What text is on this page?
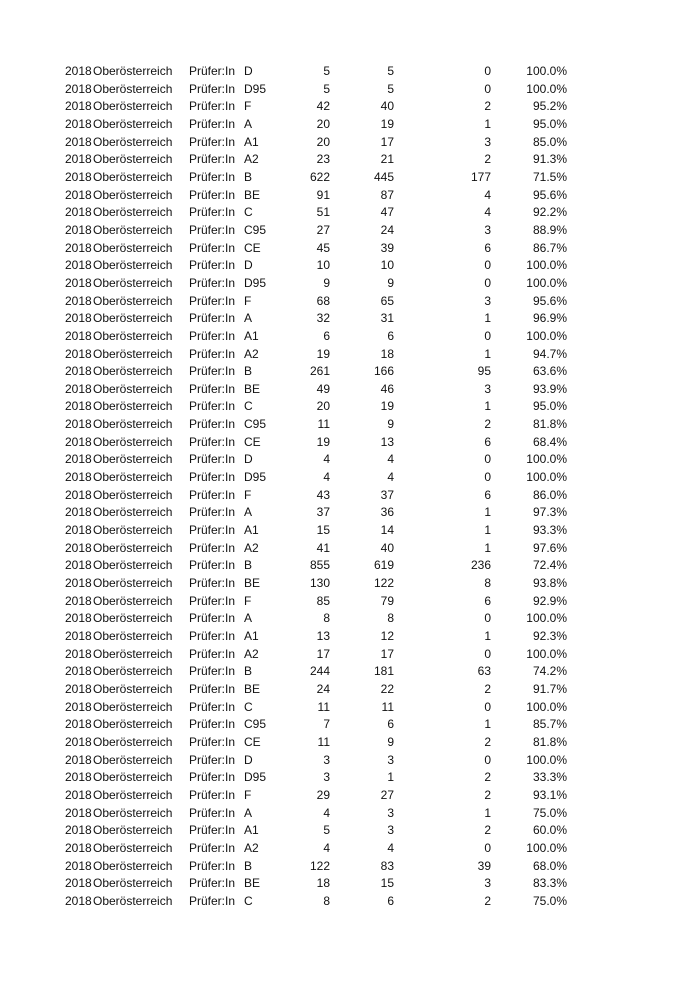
2018 Oberösterreich Prüfer:In D	5	5	0	100.0%
2018 Oberösterreich Prüfer:In D95	5	5	0	100.0%
2018 Oberösterreich Prüfer:In F	42	40	2	95.2%
2018 Oberösterreich Prüfer:In A	20	19	1	95.0%
2018 Oberösterreich Prüfer:In A1	20	17	3	85.0%
2018 Oberösterreich Prüfer:In A2	23	21	2	91.3%
2018 Oberösterreich Prüfer:In B	622	445	177	71.5%
2018 Oberösterreich Prüfer:In BE	91	87	4	95.6%
2018 Oberösterreich Prüfer:In C	51	47	4	92.2%
2018 Oberösterreich Prüfer:In C95	27	24	3	88.9%
2018 Oberösterreich Prüfer:In CE	45	39	6	86.7%
2018 Oberösterreich Prüfer:In D	10	10	0	100.0%
2018 Oberösterreich Prüfer:In D95	9	9	0	100.0%
2018 Oberösterreich Prüfer:In F	68	65	3	95.6%
2018 Oberösterreich Prüfer:In A	32	31	1	96.9%
2018 Oberösterreich Prüfer:In A1	6	6	0	100.0%
2018 Oberösterreich Prüfer:In A2	19	18	1	94.7%
2018 Oberösterreich Prüfer:In B	261	166	95	63.6%
2018 Oberösterreich Prüfer:In BE	49	46	3	93.9%
2018 Oberösterreich Prüfer:In C	20	19	1	95.0%
2018 Oberösterreich Prüfer:In C95	11	9	2	81.8%
2018 Oberösterreich Prüfer:In CE	19	13	6	68.4%
2018 Oberösterreich Prüfer:In D	4	4	0	100.0%
2018 Oberösterreich Prüfer:In D95	4	4	0	100.0%
2018 Oberösterreich Prüfer:In F	43	37	6	86.0%
2018 Oberösterreich Prüfer:In A	37	36	1	97.3%
2018 Oberösterreich Prüfer:In A1	15	14	1	93.3%
2018 Oberösterreich Prüfer:In A2	41	40	1	97.6%
2018 Oberösterreich Prüfer:In B	855	619	236	72.4%
2018 Oberösterreich Prüfer:In BE	130	122	8	93.8%
2018 Oberösterreich Prüfer:In F	85	79	6	92.9%
2018 Oberösterreich Prüfer:In A	8	8	0	100.0%
2018 Oberösterreich Prüfer:In A1	13	12	1	92.3%
2018 Oberösterreich Prüfer:In A2	17	17	0	100.0%
2018 Oberösterreich Prüfer:In B	244	181	63	74.2%
2018 Oberösterreich Prüfer:In BE	24	22	2	91.7%
2018 Oberösterreich Prüfer:In C	11	11	0	100.0%
2018 Oberösterreich Prüfer:In C95	7	6	1	85.7%
2018 Oberösterreich Prüfer:In CE	11	9	2	81.8%
2018 Oberösterreich Prüfer:In D	3	3	0	100.0%
2018 Oberösterreich Prüfer:In D95	3	1	2	33.3%
2018 Oberösterreich Prüfer:In F	29	27	2	93.1%
2018 Oberösterreich Prüfer:In A	4	3	1	75.0%
2018 Oberösterreich Prüfer:In A1	5	3	2	60.0%
2018 Oberösterreich Prüfer:In A2	4	4	0	100.0%
2018 Oberösterreich Prüfer:In B	122	83	39	68.0%
2018 Oberösterreich Prüfer:In BE	18	15	3	83.3%
2018 Oberösterreich Prüfer:In C	8	6	2	75.0%
